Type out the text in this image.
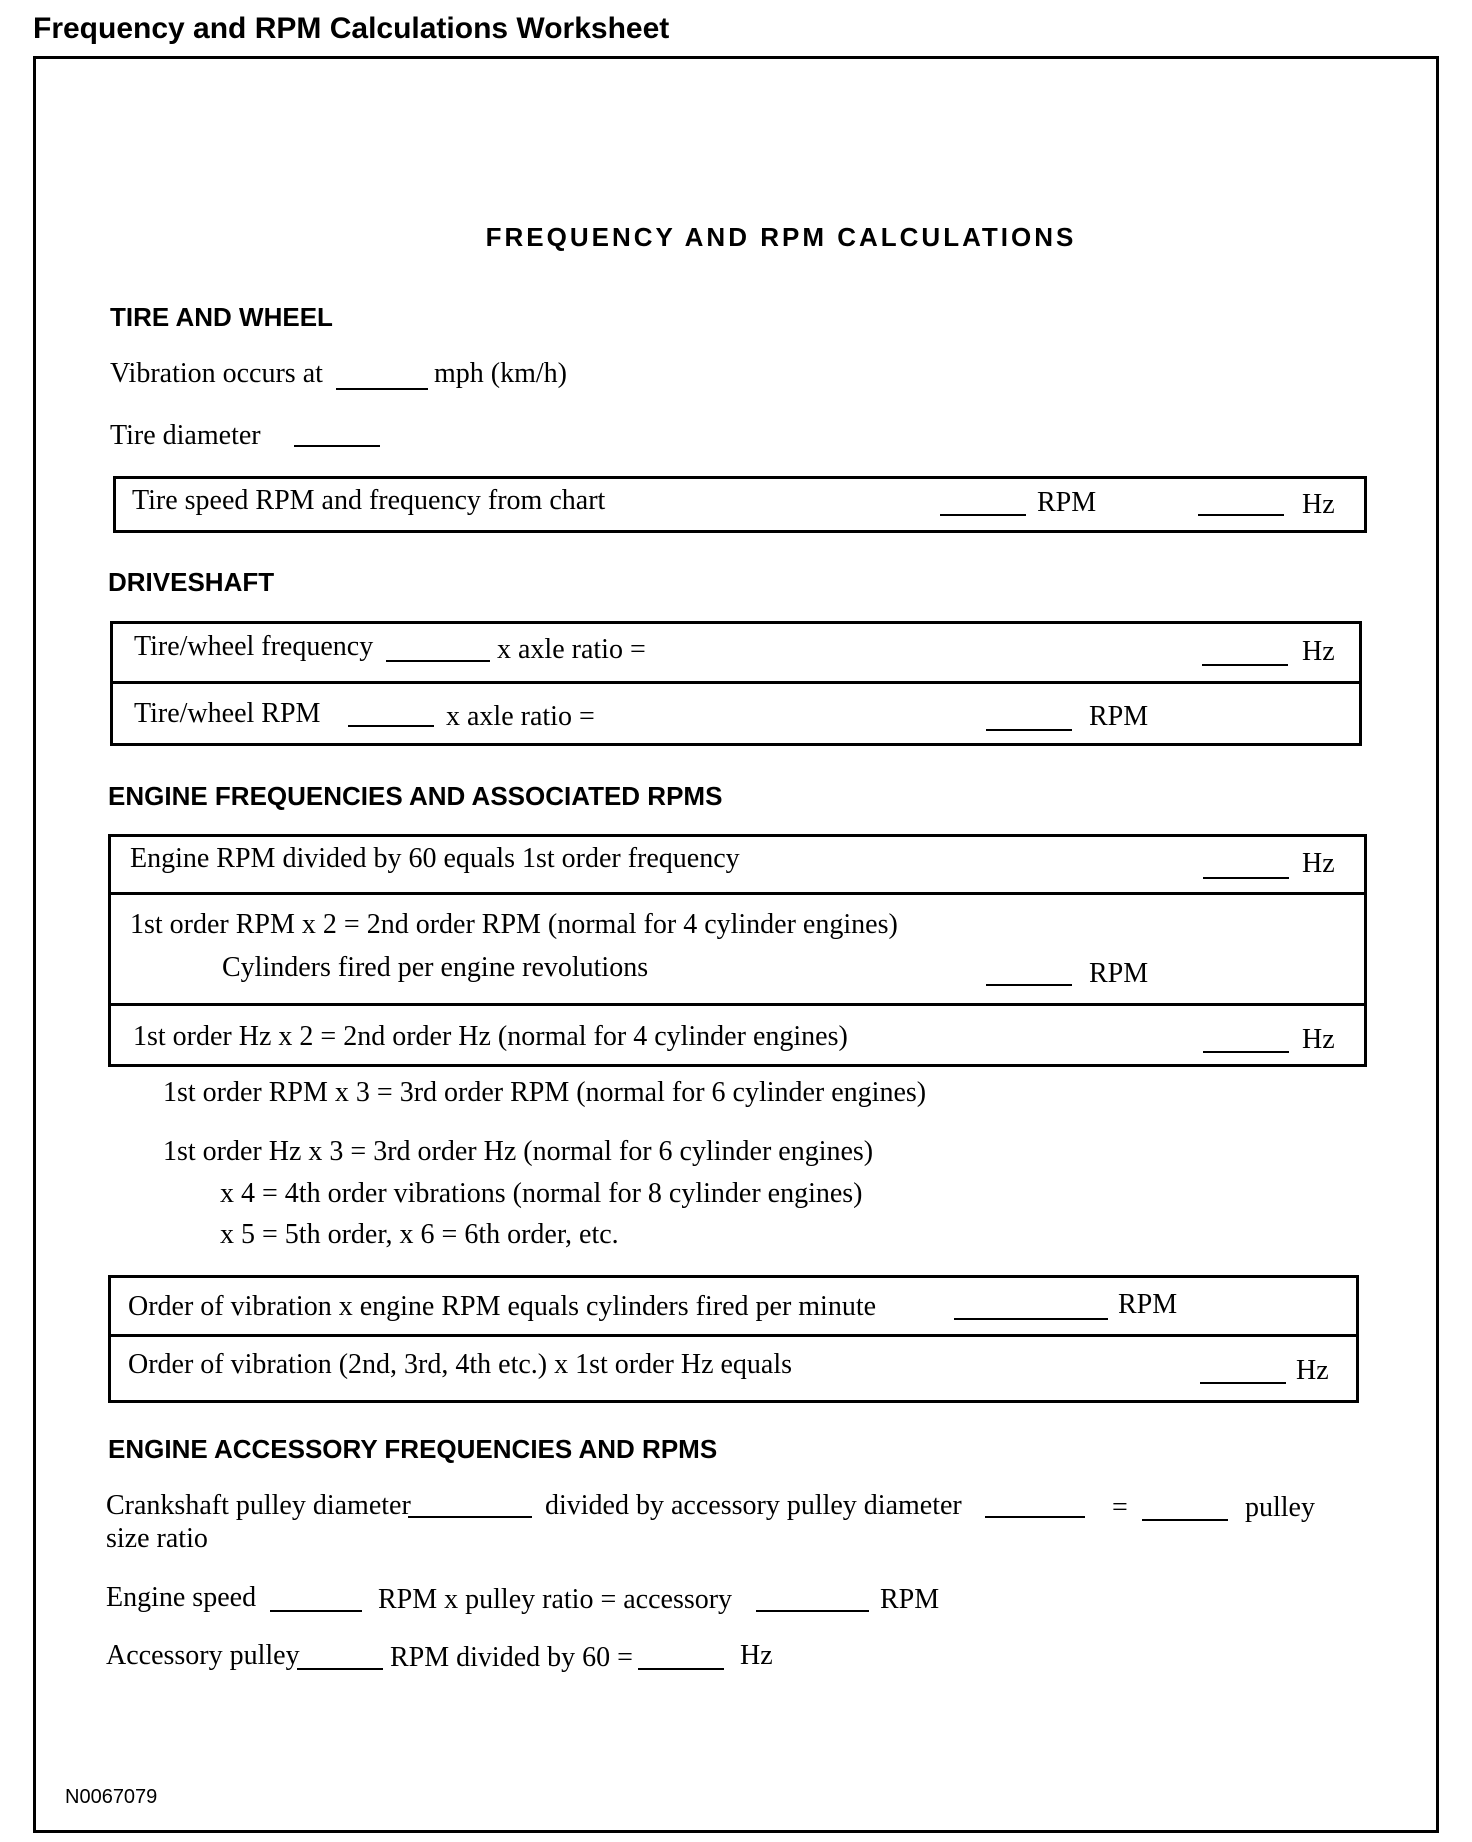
Frequency and RPM Calculations Worksheet
FREQUENCY AND RPM CALCULATIONS
TIRE AND WHEEL
Vibration occurs at	mph (km/h)
Tire diameter
Tire speed RPM and frequency from chart	RPM	Hz
DRIVESHAFT
Tire/wheel frequency	x axle ratio =	Hz
Tire/wheel RPM	x axle ratio =	RPM
ENGINE FREQUENCIES AND ASSOCIATED RPMS
Engine RPM divided by 60 equals 1st order frequency	Hz
1st order RPM x 2 = 2nd order RPM (normal for 4 cylinder engines)
Cylinders fired per engine revolutions	RPM
1st order Hz x 2 = 2nd order Hz (normal for 4 cylinder engines)	Hz
1st order RPM x 3 = 3rd order RPM (normal for 6 cylinder engines)
1st order Hz x 3 = 3rd order Hz (normal for 6 cylinder engines)
x 4 = 4th order vibrations (normal for 8 cylinder engines)
x 5 = 5th order, x 6 = 6th order, etc.
Order of vibration x engine RPM equals cylinders fired per minute	RPM
Order of vibration (2nd, 3rd, 4th etc.) x 1st order Hz equals	Hz
ENGINE ACCESSORY FREQUENCIES AND RPMS
Crankshaft pulley diameter	divided by accessory pulley diameter	=	pulley
size ratio
Engine speed	RPM x pulley ratio = accessory	RPM
Accessory pulley	RPM divided by 60 =	Hz
N0067079
